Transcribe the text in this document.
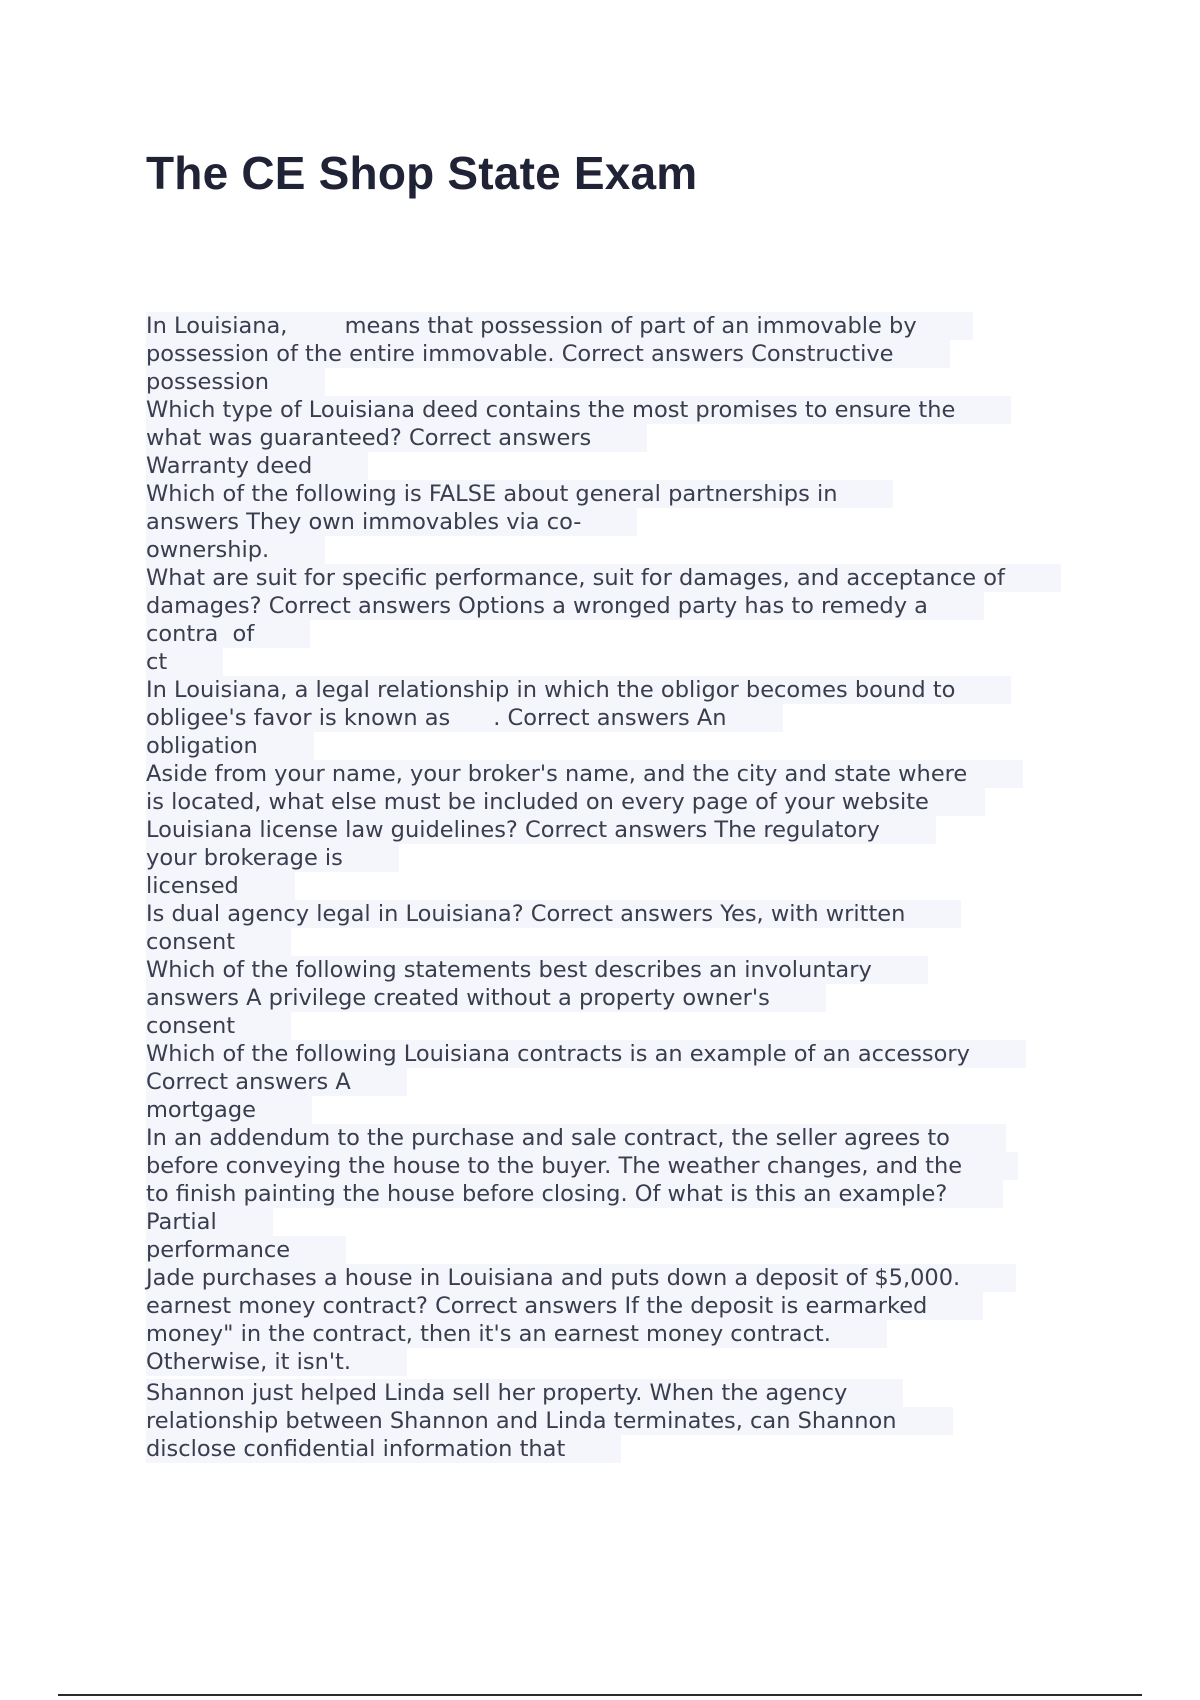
The CE Shop State Exam
In Louisiana,        means that possession of part of an immovable by
possession of the entire immovable. Correct answers Constructive
possession
Which type of Louisiana deed contains the most promises to ensure the
what was guaranteed? Correct answers
Warranty deed
Which of the following is FALSE about general partnerships in
answers They own immovables via co-
ownership.
What are suit for specific performance, suit for damages, and acceptance of
damages? Correct answers Options a wronged party has to remedy a
contra  of
ct
In Louisiana, a legal relationship in which the obligor becomes bound to
obligee's favor is known as      . Correct answers An
obligation
Aside from your name, your broker's name, and the city and state where
is located, what else must be included on every page of your website
Louisiana license law guidelines? Correct answers The regulatory
your brokerage is
licensed
Is dual agency legal in Louisiana? Correct answers Yes, with written
consent
Which of the following statements best describes an involuntary
answers A privilege created without a property owner's
consent
Which of the following Louisiana contracts is an example of an accessory
Correct answers A
mortgage
In an addendum to the purchase and sale contract, the seller agrees to
before conveying the house to the buyer. The weather changes, and the
to finish painting the house before closing. Of what is this an example?
Partial
performance
Jade purchases a house in Louisiana and puts down a deposit of $5,000.
earnest money contract? Correct answers If the deposit is earmarked
money" in the contract, then it's an earnest money contract.
Otherwise, it isn't.
Shannon just helped Linda sell her property. When the agency
relationship between Shannon and Linda terminates, can Shannon
disclose confidential information that
